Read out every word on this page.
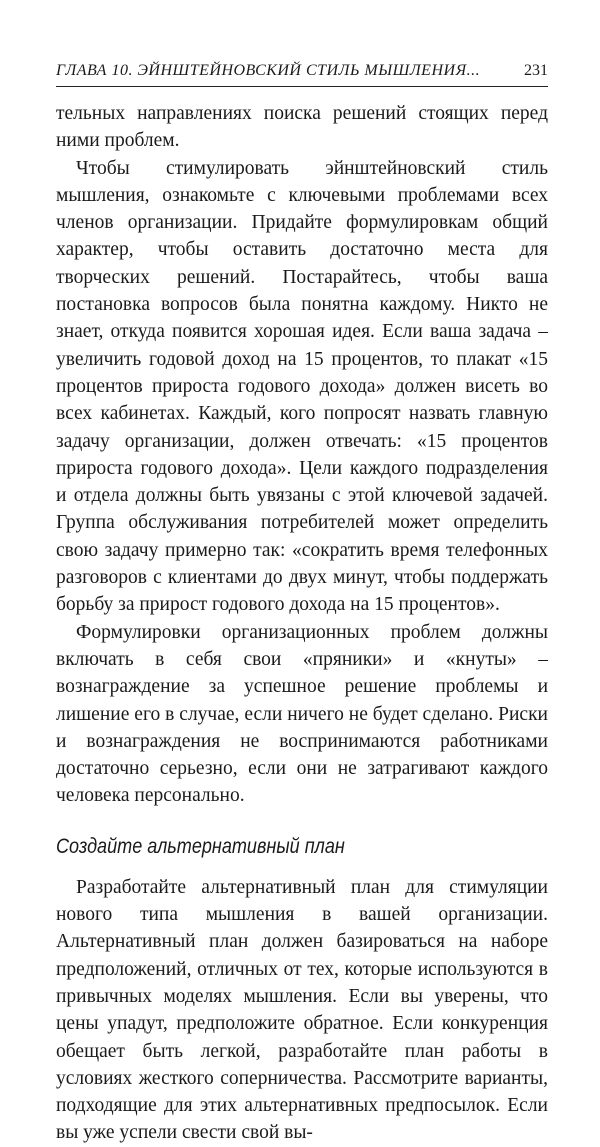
ГЛАВА 10. ЭЙНШТЕЙНОВСКИЙ СТИЛЬ МЫШЛЕНИЯ...	231

тельных направлениях поиска решений стоящих перед ними проблем.

Чтобы стимулировать эйнштейновский стиль мышления, ознакомьте с ключевыми проблемами всех членов организации. Придайте формулировкам общий характер, чтобы оставить достаточно места для творческих решений. Постарайтесь, чтобы ваша постановка вопросов была понятна каждому. Никто не знает, откуда появится хорошая идея. Если ваша задача – увеличить годовой доход на 15 процентов, то плакат «15 процентов прироста годового дохода» должен висеть во всех кабинетах. Каждый, кого попросят назвать главную задачу организации, должен отвечать: «15 процентов прироста годового дохода». Цели каждого подразделения и отдела должны быть увязаны с этой ключевой задачей. Группа обслуживания потребителей может определить свою задачу примерно так: «сократить время телефонных разговоров с клиентами до двух минут, чтобы поддержать борьбу за прирост годового дохода на 15 процентов».

Формулировки организационных проблем должны включать в себя свои «пряники» и «кнуты» – вознаграждение за успешное решение проблемы и лишение его в случае, если ничего не будет сделано. Риски и вознаграждения не воспринимаются работниками достаточно серьезно, если они не затрагивают каждого человека персонально.

Создайте альтернативный план

Разработайте альтернативный план для стимуляции нового типа мышления в вашей организации. Альтернативный план должен базироваться на наборе предположений, отличных от тех, которые используются в привычных моделях мышления. Если вы уверены, что цены упадут, предположите обратное. Если конкуренция обещает быть легкой, разработайте план работы в условиях жесткого соперничества. Рассмотрите варианты, подходящие для этих альтернативных предпосылок. Если вы уже успели свести свой вы-
